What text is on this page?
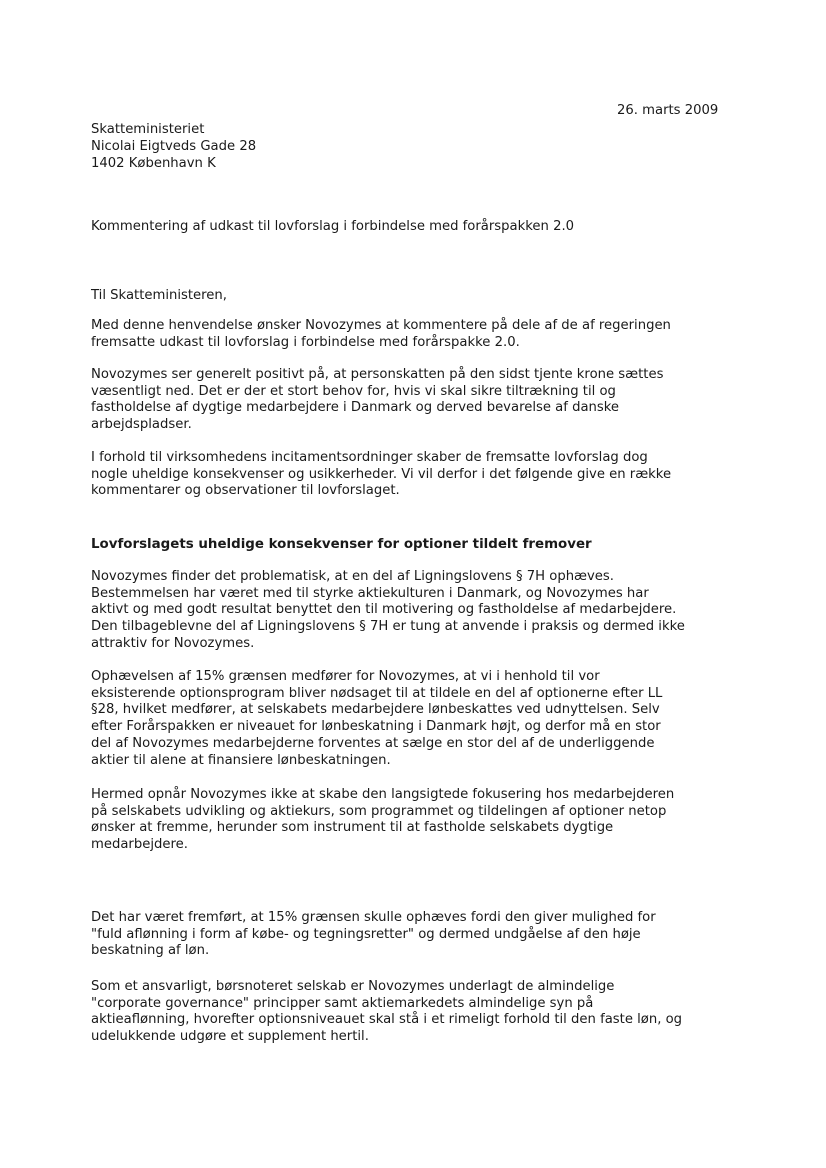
26. marts 2009
Skatteministeriet
Nicolai Eigtveds Gade 28
1402 København K
Kommentering af udkast til lovforslag i forbindelse med forårspakken 2.0
Til Skatteministeren,
Med denne henvendelse ønsker Novozymes at kommentere på dele af de af regeringen
fremsatte udkast til lovforslag i forbindelse med forårspakke 2.0.
Novozymes ser generelt positivt på, at personskatten på den sidst tjente krone sættes
væsentligt ned. Det er der et stort behov for, hvis vi skal sikre tiltrækning til og
fastholdelse af dygtige medarbejdere i Danmark og derved bevarelse af danske
arbejdspladser.
I forhold til virksomhedens incitamentsordninger skaber de fremsatte lovforslag dog
nogle uheldige konsekvenser og usikkerheder. Vi vil derfor i det følgende give en række
kommentarer og observationer til lovforslaget.
Lovforslagets uheldige konsekvenser for optioner tildelt fremover
Novozymes finder det problematisk, at en del af Ligningslovens § 7H ophæves.
Bestemmelsen har været med til styrke aktiekulturen i Danmark, og Novozymes har
aktivt og med godt resultat benyttet den til motivering og fastholdelse af medarbejdere.
Den tilbageblevne del af Ligningslovens § 7H er tung at anvende i praksis og dermed ikke
attraktiv for Novozymes.
Ophævelsen af 15% grænsen medfører for Novozymes, at vi i henhold til vor
eksisterende optionsprogram bliver nødsaget til at tildele en del af optionerne efter LL
§28, hvilket medfører, at selskabets medarbejdere lønbeskattes ved udnyttelsen. Selv
efter Forårspakken er niveauet for lønbeskatning i Danmark højt, og derfor må en stor
del af Novozymes medarbejderne forventes at sælge en stor del af de underliggende
aktier til alene at finansiere lønbeskatningen.
Hermed opnår Novozymes ikke at skabe den langsigtede fokusering hos medarbejderen
på selskabets udvikling og aktiekurs, som programmet og tildelingen af optioner netop
ønsker at fremme, herunder som instrument til at fastholde selskabets dygtige
medarbejdere.
Det har været fremført, at 15% grænsen skulle ophæves fordi den giver mulighed for
"fuld aflønning i form af købe- og tegningsretter" og dermed undgåelse af den høje
beskatning af løn.
Som et ansvarligt, børsnoteret selskab er Novozymes underlagt de almindelige
"corporate governance" principper samt aktiemarkedets almindelige syn på
aktieaflønning, hvorefter optionsniveauet skal stå i et rimeligt forhold til den faste løn, og
udelukkende udgøre et supplement hertil.
